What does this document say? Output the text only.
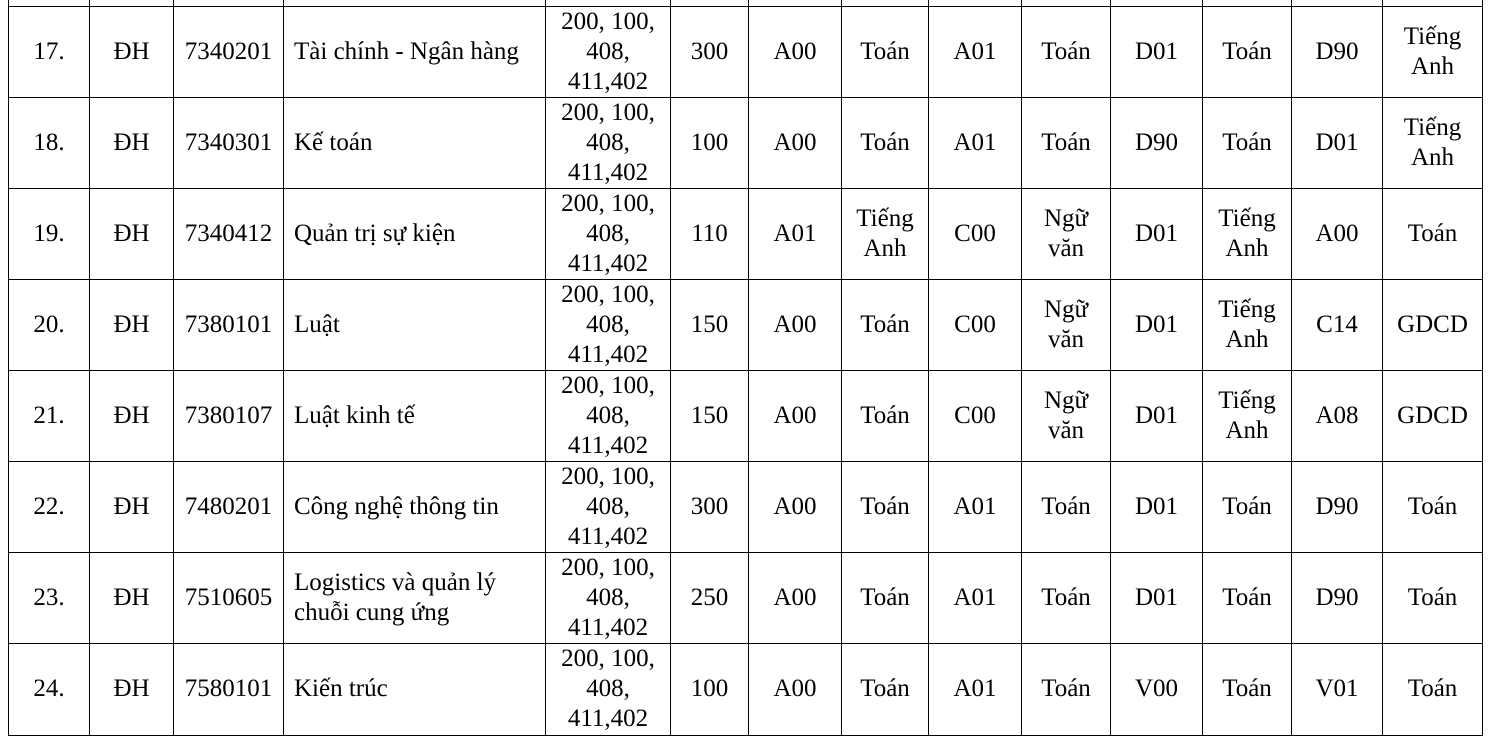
17.	ĐH	7340201	Tài chính - Ngân hàng	200, 100,
408,
411,402	300	A00	Toán	A01	Toán	D01	Toán	D90	Tiếng
Anh

18.	ĐH	7340301	Kế toán	200, 100,
408,
411,402	100	A00	Toán	A01	Toán	D90	Toán	D01	Tiếng
Anh

19.	ĐH	7340412	Quản trị sự kiện	200, 100,
408,
411,402	110	A01	Tiếng
Anh	C00	Ngữ
văn	D01	Tiếng
Anh	A00	Toán

20.	ĐH	7380101	Luật	200, 100,
408,
411,402	150	A00	Toán	C00	Ngữ
văn	D01	Tiếng
Anh	C14	GDCD

21.	ĐH	7380107	Luật kinh tế	200, 100,
408,
411,402	150	A00	Toán	C00	Ngữ
văn	D01	Tiếng
Anh	A08	GDCD

22.	ĐH	7480201	Công nghệ thông tin	200, 100,
408,
411,402	300	A00	Toán	A01	Toán	D01	Toán	D90	Toán

23.	ĐH	7510605	Logistics và quản lý
chuỗi cung ứng	200, 100,
408,
411,402	250	A00	Toán	A01	Toán	D01	Toán	D90	Toán

24.	ĐH	7580101	Kiến trúc	200, 100,
408,
411,402	100	A00	Toán	A01	Toán	V00	Toán	V01	Toán
